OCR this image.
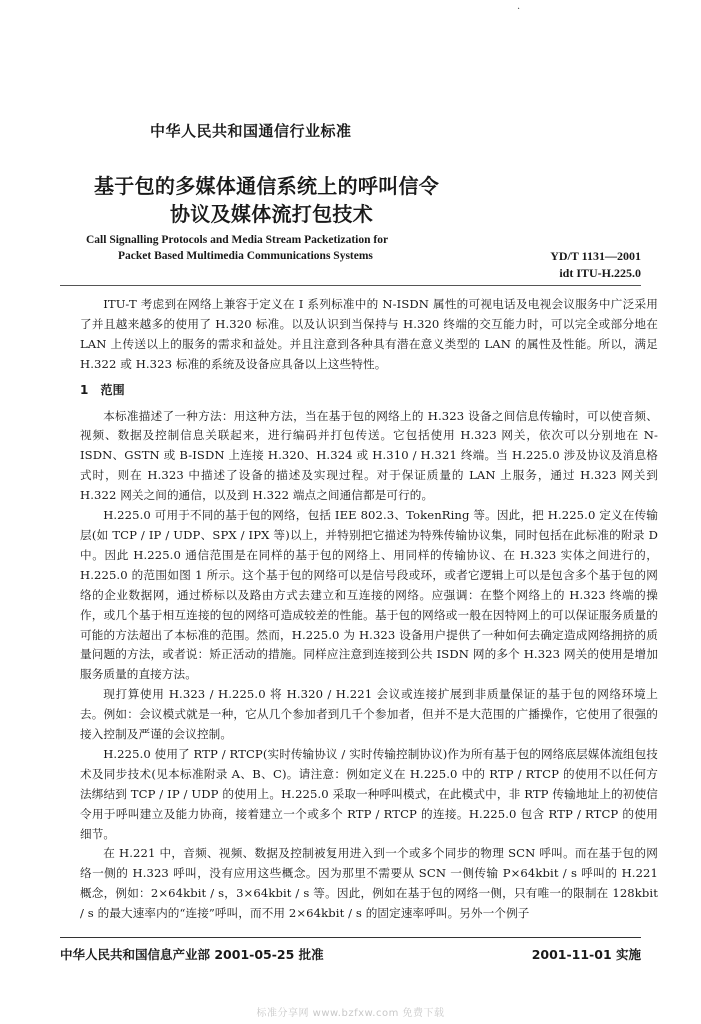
·
中华人民共和国通信行业标准
基于包的多媒体通信系统上的呼叫信令
协议及媒体流打包技术
Call Signalling Protocols and Media Stream Packetization for
Packet Based Multimedia Communications Systems	YD/T 1131—2001
idt ITU-H.225.0

ITU-T 考虑到在网络上兼容于定义在 I 系列标准中的 N-ISDN 属性的可视电话及电视会议服务中广泛采用了并且越来越多的使用了 H.320 标准。以及认识到当保持与 H.320 终端的交互能力时，可以完全或部分地在 LAN 上传送以上的服务的需求和益处。并且注意到各种具有潜在意义类型的 LAN 的属性及性能。所以，满足 H.322 或 H.323 标准的系统及设备应具备以上这些特性。

1　范围

本标准描述了一种方法：用这种方法，当在基于包的网络上的 H.323 设备之间信息传输时，可以使音频、视频、数据及控制信息关联起来，进行编码并打包传送。它包括使用 H.323 网关，依次可以分别地在 N-ISDN、GSTN 或 B-ISDN 上连接 H.320、H.324 或 H.310 / H.321 终端。当 H.225.0 涉及协议及消息格式时，则在 H.323 中描述了设备的描述及实现过程。对于保证质量的 LAN 上服务，通过 H.323 网关到 H.322 网关之间的通信，以及到 H.322 端点之间通信都是可行的。

H.225.0 可用于不同的基于包的网络，包括 IEE 802.3、TokenRing 等。因此，把 H.225.0 定义在传输层(如 TCP / IP / UDP、SPX / IPX 等)以上，并特别把它描述为特殊传输协议集，同时包括在此标准的附录 D 中。因此 H.225.0 通信范围是在同样的基于包的网络上、用同样的传输协议、在 H.323 实体之间进行的，H.225.0 的范围如图 1 所示。这个基于包的网络可以是信号段或环，或者它逻辑上可以是包含多个基于包的网络的企业数据网，通过桥标以及路由方式去建立和互连接的网络。应强调：在整个网络上的 H.323 终端的操作，或几个基于相互连接的包的网络可造成较差的性能。基于包的网络或一般在因特网上的可以保证服务质量的可能的方法超出了本标准的范围。然而，H.225.0 为 H.323 设备用户提供了一种如何去确定造成网络拥挤的质量问题的方法，或者说：矫正活动的措施。同样应注意到连接到公共 ISDN 网的多个 H.323 网关的使用是增加服务质量的直接方法。

现打算使用 H.323 / H.225.0 将 H.320 / H.221 会议或连接扩展到非质量保证的基于包的网络环境上去。例如：会议模式就是一种，它从几个参加者到几千个参加者，但并不是大范围的广播操作，它使用了很强的接入控制及严谨的会议控制。

H.225.0 使用了 RTP / RTCP(实时传输协议 / 实时传输控制协议)作为所有基于包的网络底层媒体流组包技术及同步技术(见本标准附录 A、B、C)。请注意：例如定义在 H.225.0 中的 RTP / RTCP 的使用不以任何方法绑结到 TCP / IP / UDP 的使用上。H.225.0 采取一种呼叫模式，在此模式中，非 RTP 传输地址上的初使信令用于呼叫建立及能力协商，接着建立一个或多个 RTP / RTCP 的连接。H.225.0 包含 RTP / RTCP 的使用细节。

在 H.221 中，音频、视频、数据及控制被复用进入到一个或多个同步的物理 SCN 呼叫。而在基于包的网络一侧的 H.323 呼叫，没有应用这些概念。因为那里不需要从 SCN 一侧传输 P×64kbit / s 呼叫的 H.221 概念，例如：2×64kbit / s，3×64kbit / s 等。因此，例如在基于包的网络一侧，只有唯一的限制在 128kbit / s 的最大速率内的“连接”呼叫，而不用 2×64kbit / s 的固定速率呼叫。另外一个例子

中华人民共和国信息产业部 2001-05-25 批准	2001-11-01 实施
标准分享网 www.bzfxw.com 免费下载
